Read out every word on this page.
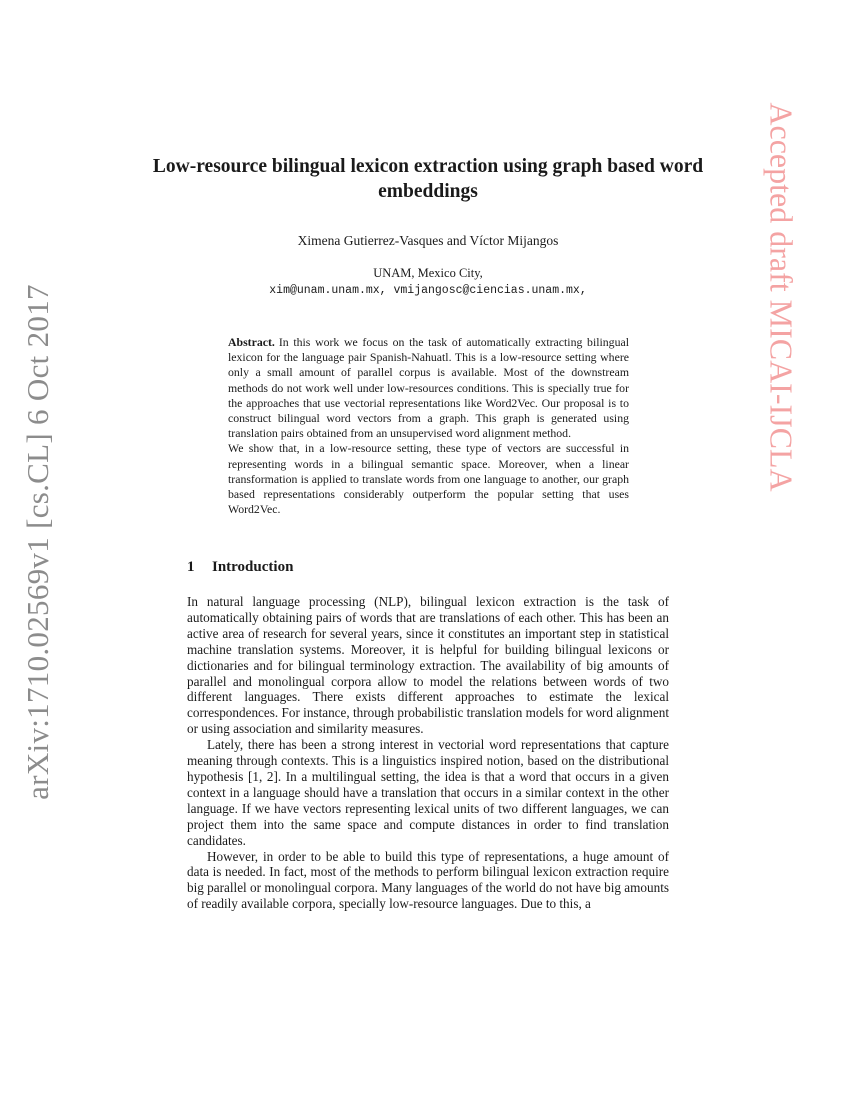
arXiv:1710.02569v1 [cs.CL] 6 Oct 2017	Accepted draft MICAI-IJCLA
Low-resource bilingual lexicon extraction using graph based word embeddings
Ximena Gutierrez-Vasques and Víctor Mijangos
UNAM, Mexico City,
xim@unam.unam.mx, vmijangosc@ciencias.unam.mx,

Abstract. In this work we focus on the task of automatically extracting bilingual lexicon for the language pair Spanish-Nahuatl. This is a low-resource setting where only a small amount of parallel corpus is available. Most of the downstream methods do not work well under low-resources conditions. This is specially true for the approaches that use vectorial representations like Word2Vec. Our proposal is to construct bilingual word vectors from a graph. This graph is generated using translation pairs obtained from an unsupervised word alignment method.

We show that, in a low-resource setting, these type of vectors are successful in representing words in a bilingual semantic space. Moreover, when a linear transformation is applied to translate words from one language to another, our graph based representations considerably outperform the popular setting that uses Word2Vec.

1 Introduction

In natural language processing (NLP), bilingual lexicon extraction is the task of automatically obtaining pairs of words that are translations of each other. This has been an active area of research for several years, since it constitutes an important step in statistical machine translation systems. Moreover, it is helpful for building bilingual lexicons or dictionaries and for bilingual terminology extraction. The availability of big amounts of parallel and monolingual corpora allow to model the relations between words of two different languages. There exists different approaches to estimate the lexical correspondences. For instance, through probabilistic translation models for word alignment or using association and similarity measures.

Lately, there has been a strong interest in vectorial word representations that capture meaning through contexts. This is a linguistics inspired notion, based on the distributional hypothesis [1, 2]. In a multilingual setting, the idea is that a word that occurs in a given context in a language should have a translation that occurs in a similar context in the other language. If we have vectors representing lexical units of two different languages, we can project them into the same space and compute distances in order to find translation candidates.

However, in order to be able to build this type of representations, a huge amount of data is needed. In fact, most of the methods to perform bilingual lexicon extraction require big parallel or monolingual corpora. Many languages of the world do not have big amounts of readily available corpora, specially low-resource languages. Due to this, a
